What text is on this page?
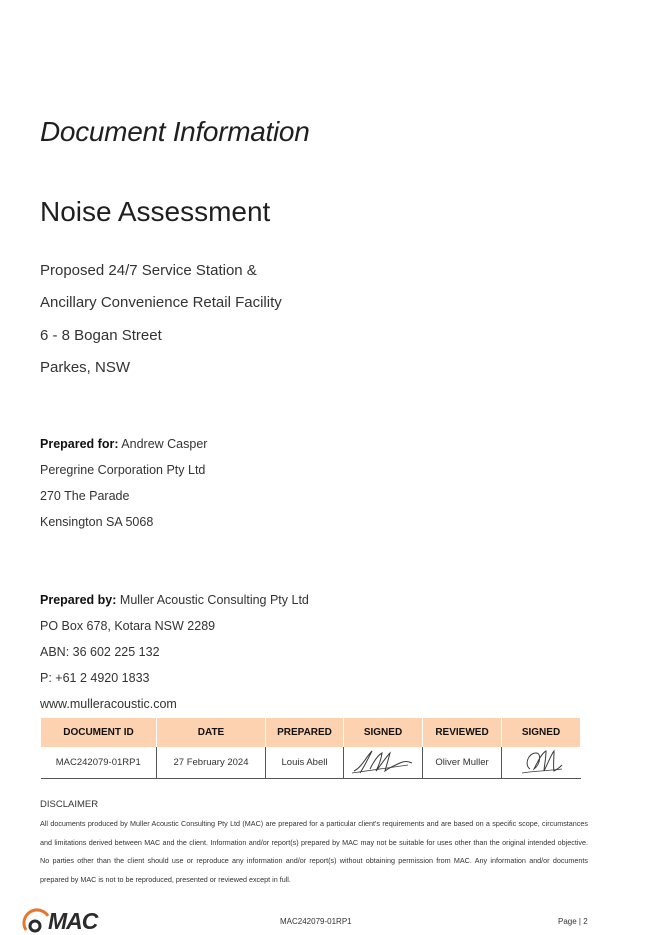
Document Information
Noise Assessment
Proposed 24/7 Service Station &
Ancillary Convenience Retail Facility
6 - 8 Bogan Street
Parkes, NSW
Prepared for: Andrew Casper
Peregrine Corporation Pty Ltd
270 The Parade
Kensington SA 5068
Prepared by: Muller Acoustic Consulting Pty Ltd
PO Box 678, Kotara NSW 2289
ABN: 36 602 225 132
P: +61 2 4920 1833
www.mulleracoustic.com
DOCUMENT ID	DATE	PREPARED	SIGNED	REVIEWED	SIGNED
MAC242079-01RP1	27 February 2024	Louis Abell		Oliver Muller	
DISCLAIMER
All documents produced by Muller Acoustic Consulting Pty Ltd (MAC) are prepared for a particular client's requirements and are based on a specific scope, circumstances and limitations derived between MAC and the client. Information and/or report(s) prepared by MAC may not be suitable for uses other than the original intended objective. No parties other than the client should use or reproduce any information and/or report(s) without obtaining permission from MAC. Any information and/or documents prepared by MAC is not to be reproduced, presented or reviewed except in full.
MAC	MAC242079-01RP1	Page | 2
